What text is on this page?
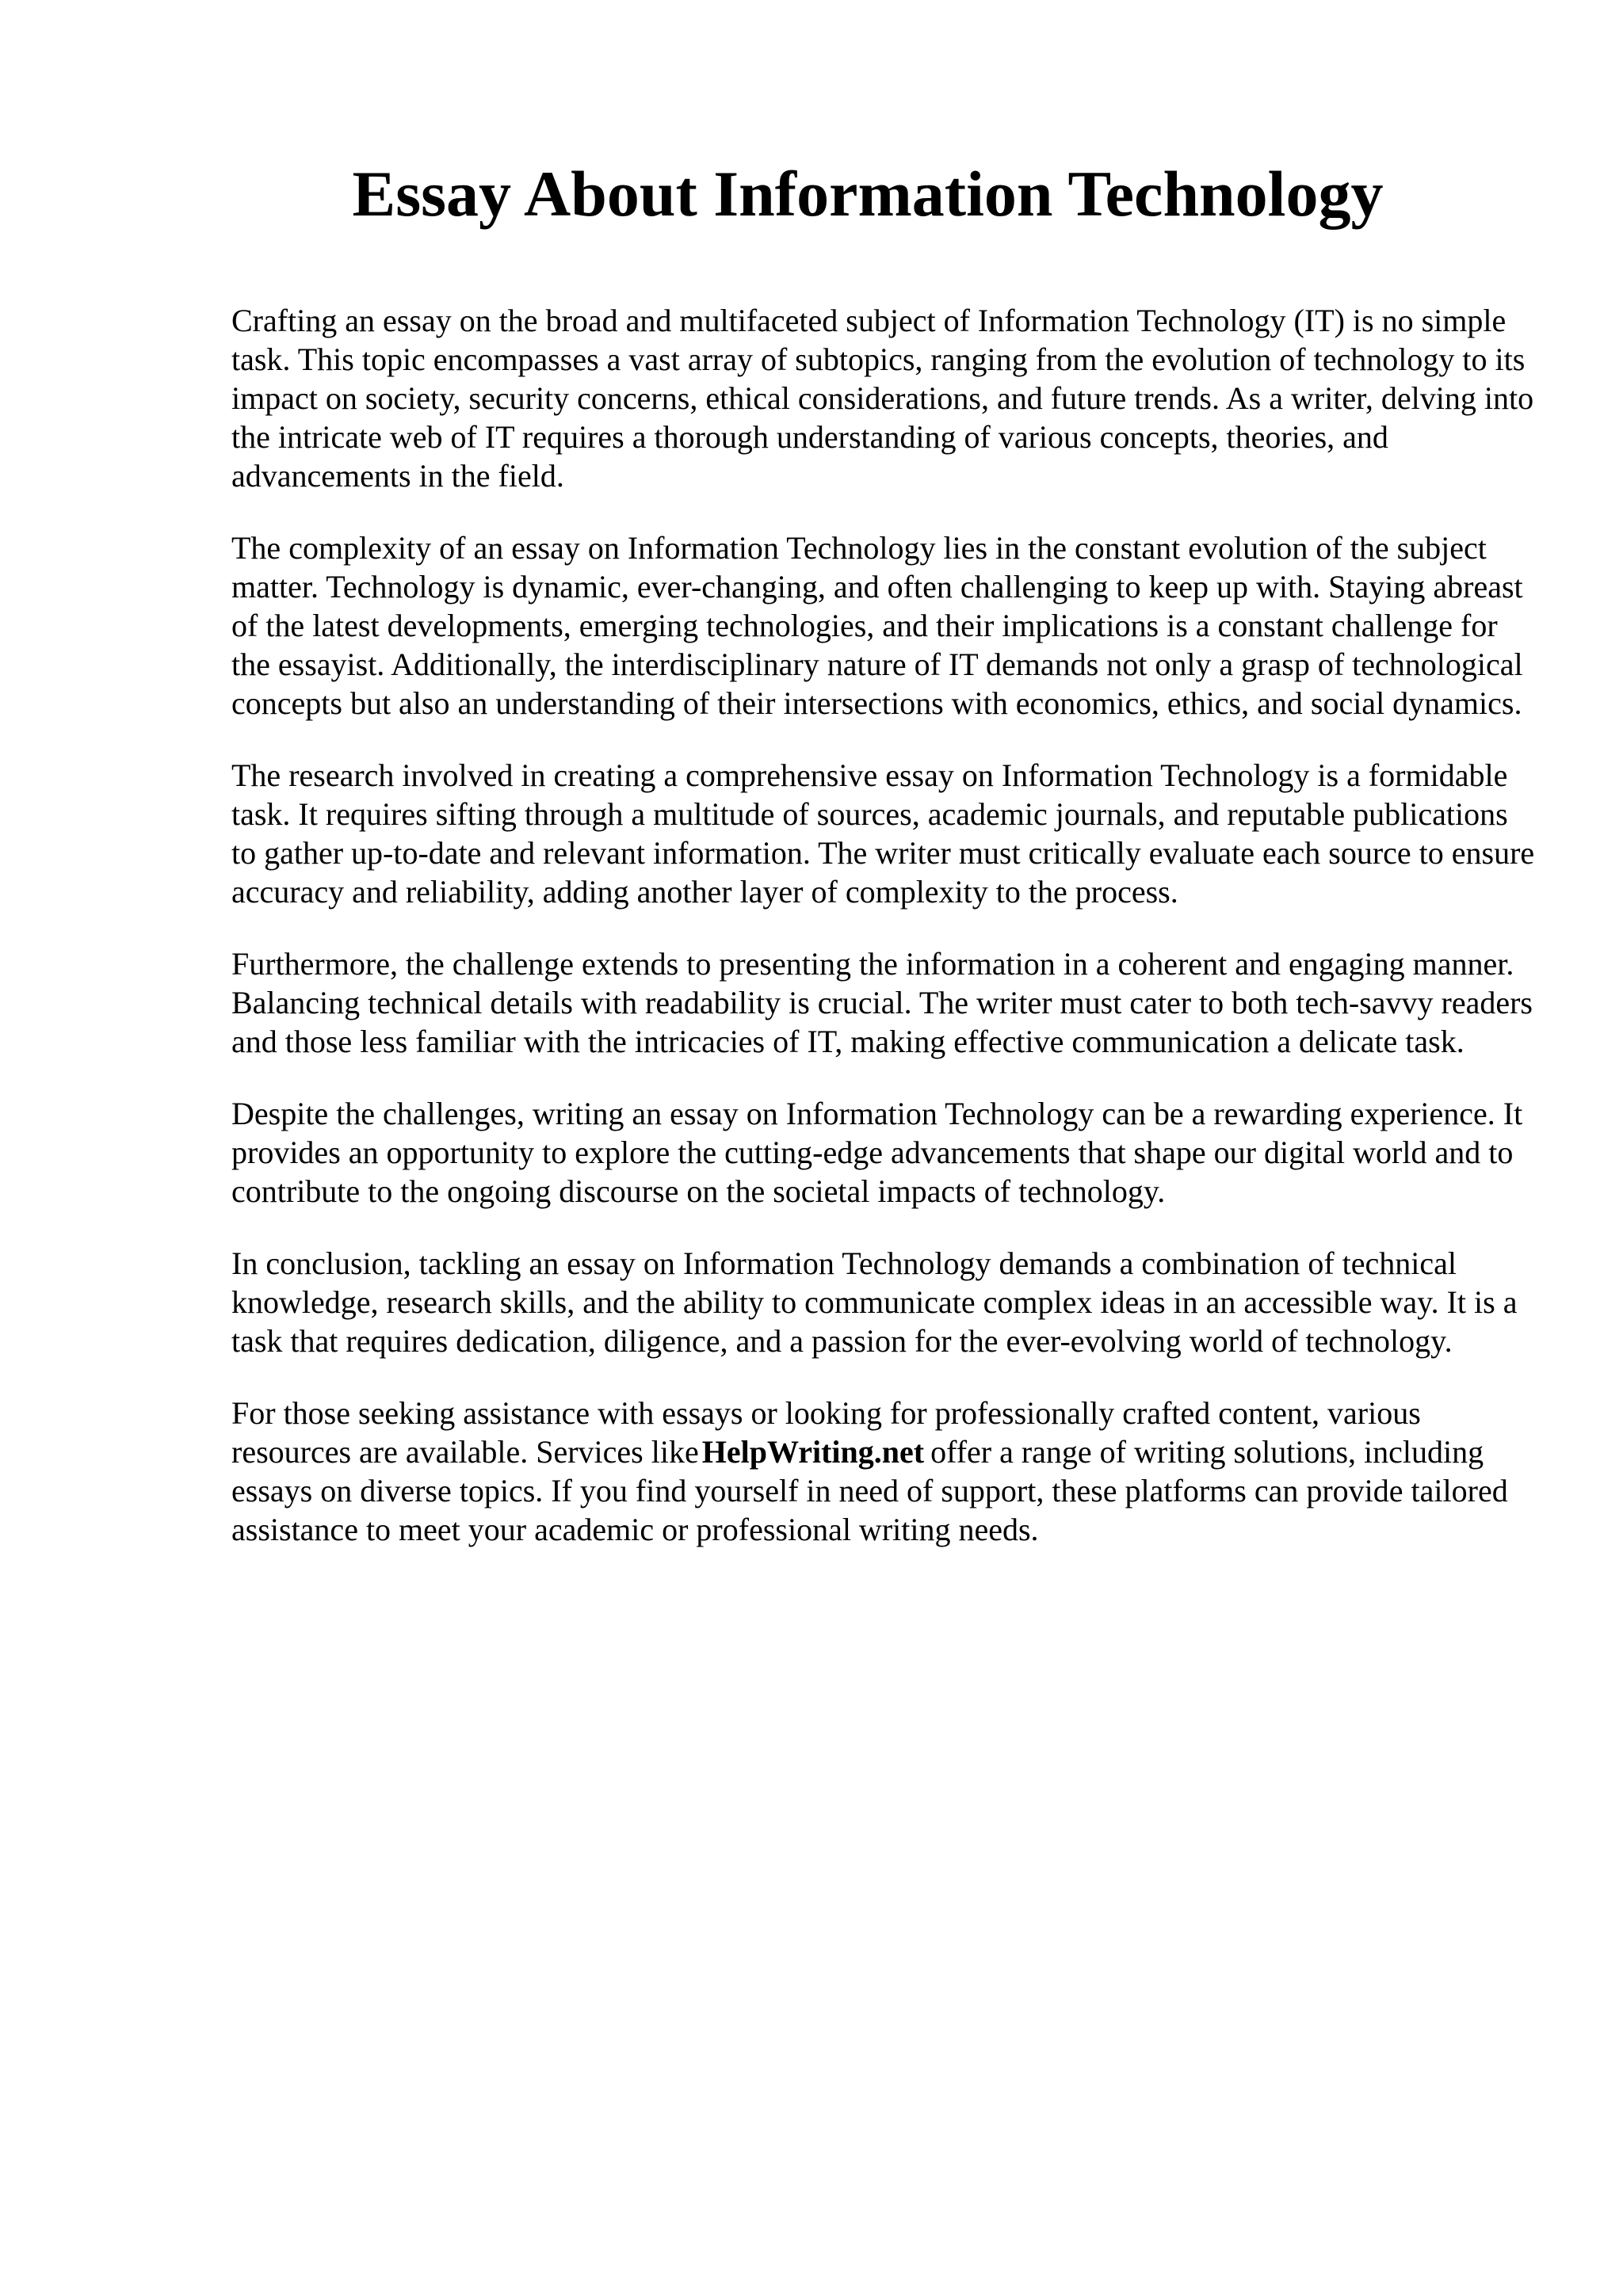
Essay About Information Technology

Crafting an essay on the broad and multifaceted subject of Information Technology (IT) is no simple task. This topic encompasses a vast array of subtopics, ranging from the evolution of technology to its impact on society, security concerns, ethical considerations, and future trends. As a writer, delving into the intricate web of IT requires a thorough understanding of various concepts, theories, and advancements in the field.

The complexity of an essay on Information Technology lies in the constant evolution of the subject matter. Technology is dynamic, ever-changing, and often challenging to keep up with. Staying abreast of the latest developments, emerging technologies, and their implications is a constant challenge for the essayist. Additionally, the interdisciplinary nature of IT demands not only a grasp of technological concepts but also an understanding of their intersections with economics, ethics, and social dynamics.

The research involved in creating a comprehensive essay on Information Technology is a formidable task. It requires sifting through a multitude of sources, academic journals, and reputable publications to gather up-to-date and relevant information. The writer must critically evaluate each source to ensure accuracy and reliability, adding another layer of complexity to the process.

Furthermore, the challenge extends to presenting the information in a coherent and engaging manner. Balancing technical details with readability is crucial. The writer must cater to both tech-savvy readers and those less familiar with the intricacies of IT, making effective communication a delicate task.

Despite the challenges, writing an essay on Information Technology can be a rewarding experience. It provides an opportunity to explore the cutting-edge advancements that shape our digital world and to contribute to the ongoing discourse on the societal impacts of technology.

In conclusion, tackling an essay on Information Technology demands a combination of technical knowledge, research skills, and the ability to communicate complex ideas in an accessible way. It is a task that requires dedication, diligence, and a passion for the ever-evolving world of technology.

For those seeking assistance with essays or looking for professionally crafted content, various resources are available. Services like HelpWriting.net offer a range of writing solutions, including essays on diverse topics. If you find yourself in need of support, these platforms can provide tailored assistance to meet your academic or professional writing needs.
